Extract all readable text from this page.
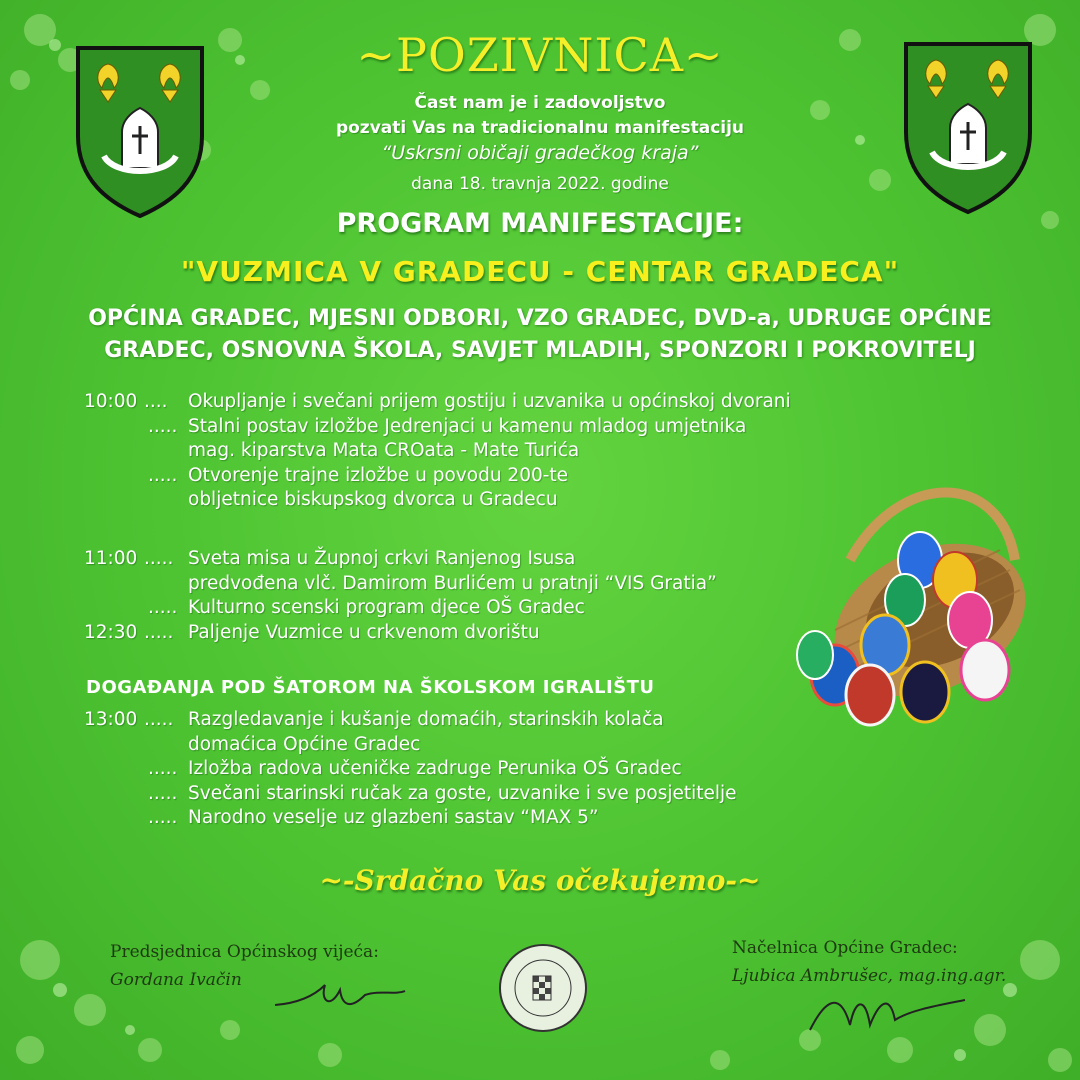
~POZIVNICA~
Čast nam je i zadovoljstvo
pozvati Vas na tradicionalnu manifestaciju
“Uskrsni običaji gradečkog kraja”
dana 18. travnja 2022. godine
PROGRAM MANIFESTACIJE:
"VUZMICA V GRADECU - CENTAR GRADECA"
OPĆINA GRADEC, MJESNI ODBORI, VZO GRADEC, DVD-a, UDRUGE OPĆINE
GRADEC, OSNOVNA ŠKOLA, SAVJET MLADIH, SPONZORI I POKROVITELJ
10:00 .... Okupljanje i svečani prijem gostiju i uzvanika u općinskoj dvorani
..... Stalni postav izložbe Jedrenjaci u kamenu mladog umjetnika
mag. kiparstva Mata CROata - Mate Turića
..... Otvorenje trajne izložbe u povodu 200-te
obljetnice biskupskog dvorca u Gradecu
11:00 ..... Sveta misa u Župnoj crkvi Ranjenog Isusa
predvođena vlč. Damirom Burlićem u pratnji “VIS Gratia”
..... Kulturno scenski program djece OŠ Gradec
12:30 ..... Paljenje Vuzmice u crkvenom dvorištu
DOGAĐANJA POD ŠATOROM NA ŠKOLSKOM IGRALIŠTU
13:00 ..... Razgledavanje i kušanje domaćih, starinskih kolača
domaćica Općine Gradec
..... Izložba radova učeničke zadruge Perunika OŠ Gradec
..... Svečani starinski ručak za goste, uzvanike i sve posjetitelje
..... Narodno veselje uz glazbeni sastav “MAX 5”
~-Srdačno Vas očekujemo-~
Predsjednica Općinskog vijeća:
Gordana Ivačin
Načelnica Općine Gradec:
Ljubica Ambrušec, mag.ing.agr.
